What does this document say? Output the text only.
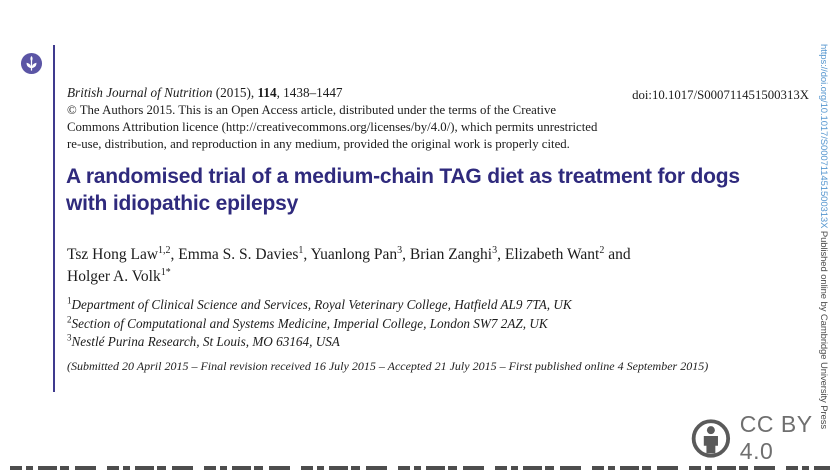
British Journal of Nutrition (2015), 114, 1438–1447
© The Authors 2015. This is an Open Access article, distributed under the terms of the Creative
Commons Attribution licence (http://creativecommons.org/licenses/by/4.0/), which permits unrestricted
re-use, distribution, and reproduction in any medium, provided the original work is properly cited.
doi:10.1017/S000711451500313X
A randomised trial of a medium-chain TAG diet as treatment for dogs
with idiopathic epilepsy
Tsz Hong Law$^{1,2}$, Emma S. S. Davies$^1$, Yuanlong Pan$^3$, Brian Zanghi$^3$, Elizabeth Want$^2$ and
Holger A. Volk$^{1*}$
$^1$Department of Clinical Science and Services, Royal Veterinary College, Hatfield AL9 7TA, UK
$^2$Section of Computational and Systems Medicine, Imperial College, London SW7 2AZ, UK
$^3$Nestlé Purina Research, St Louis, MO 63164, USA
(Submitted 20 April 2015 – Final revision received 16 July 2015 – Accepted 21 July 2015 – First published online 4 September 2015)
CC BY 4.0
https://doi.org/10.1017/S000711451500313X Published online by Cambridge University Press
